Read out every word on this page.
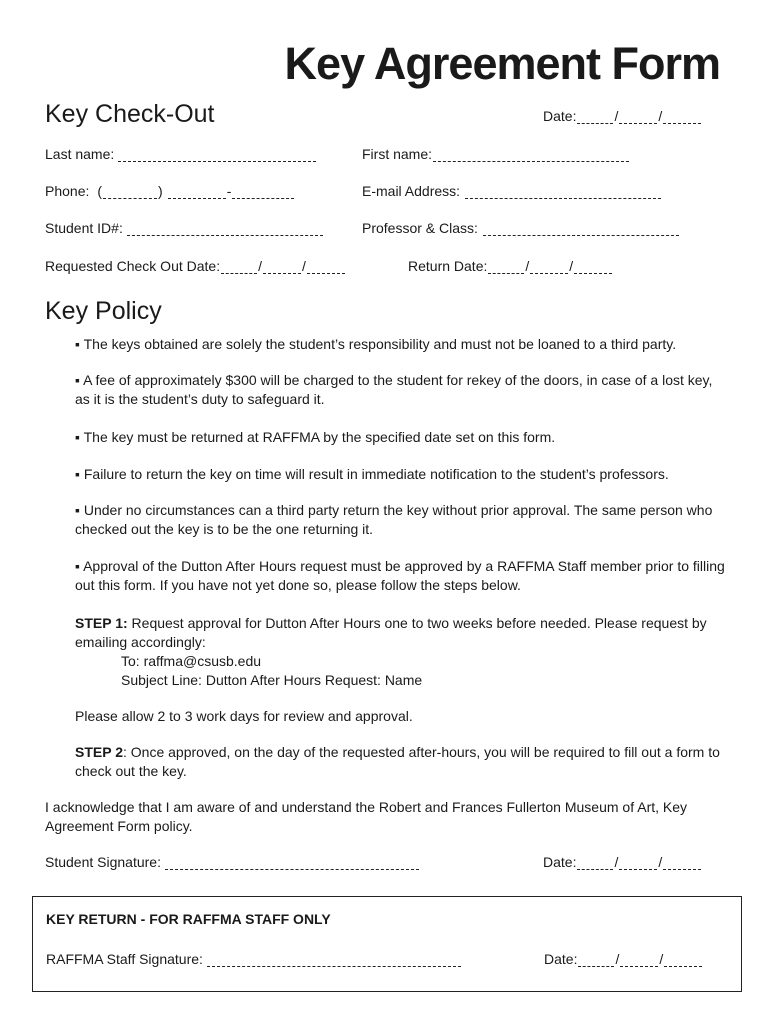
Key Agreement Form
Key Check-Out	Date:	/	/
Last name:	First name:
Phone: (	)	-	E-mail Address:
Student ID#:	Professor & Class:
Requested Check Out Date:	/	/	Return Date:	/	/
Key Policy
▪ The keys obtained are solely the student’s responsibility and must not be loaned to a third party.
▪ A fee of approximately $300 will be charged to the student for rekey of the doors, in case of a lost key, as it is the student’s duty to safeguard it.
▪ The key must be returned at RAFFMA by the specified date set on this form.
▪ Failure to return the key on time will result in immediate notification to the student’s professors.
▪ Under no circumstances can a third party return the key without prior approval. The same person who checked out the key is to be the one returning it.
▪ Approval of the Dutton After Hours request must be approved by a RAFFMA Staff member prior to filling out this form. If you have not yet done so, please follow the steps below.
STEP 1: Request approval for Dutton After Hours one to two weeks before needed. Please request by emailing accordingly:
To: raffma@csusb.edu
Subject Line: Dutton After Hours Request: Name
Please allow 2 to 3 work days for review and approval.
STEP 2: Once approved, on the day of the requested after-hours, you will be required to fill out a form to check out the key.
I acknowledge that I am aware of and understand the Robert and Frances Fullerton Museum of Art, Key Agreement Form policy.
Student Signature:	Date:	/	/
KEY RETURN - FOR RAFFMA STAFF ONLY
RAFFMA Staff Signature:	Date:	/	/
